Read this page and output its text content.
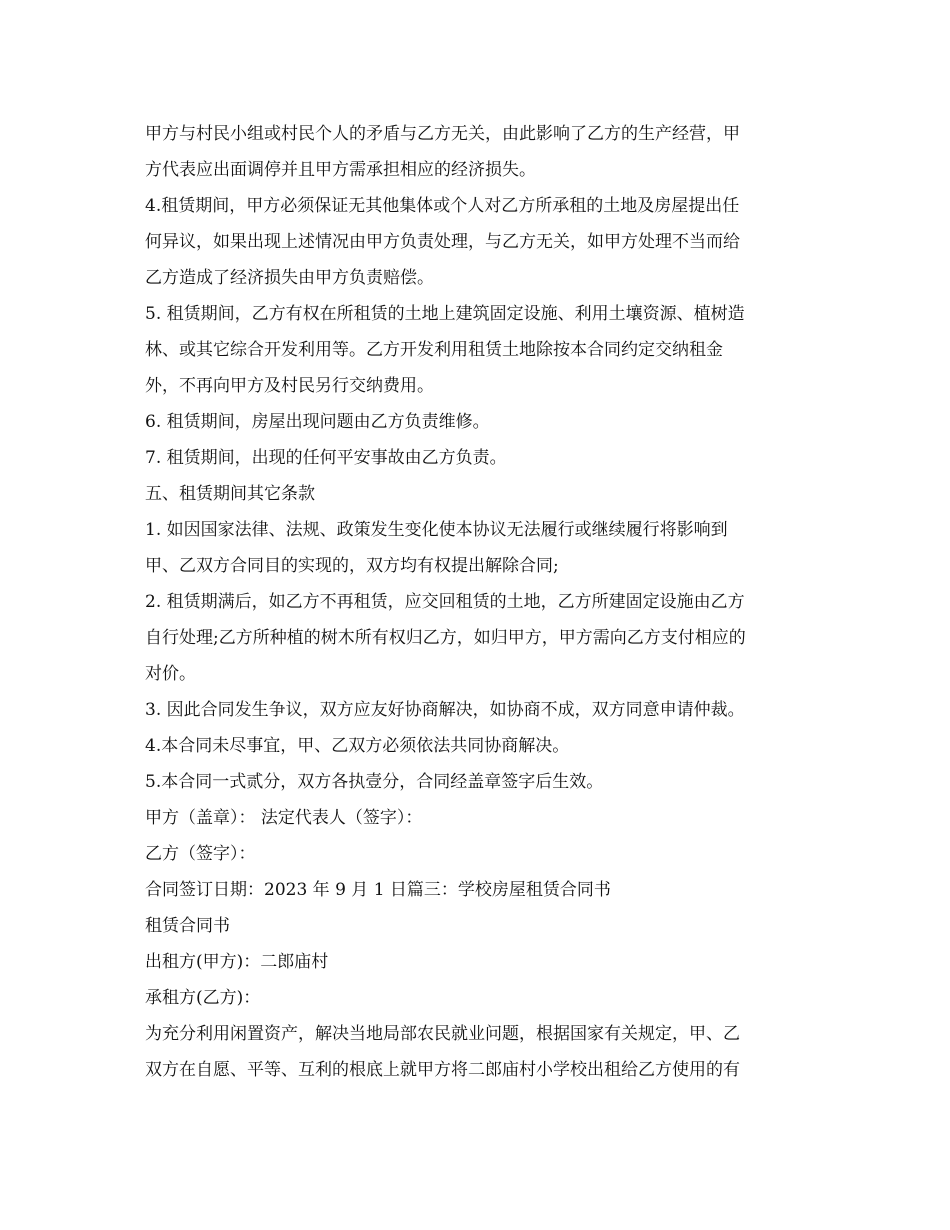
甲方与村民小组或村民个人的矛盾与乙方无关，由此影响了乙方的生产经营，甲
方代表应出面调停并且甲方需承担相应的经济损失。
4.租赁期间，甲方必须保证无其他集体或个人对乙方所承租的土地及房屋提出任
何异议，如果出现上述情况由甲方负责处理，与乙方无关，如甲方处理不当而给
乙方造成了经济损失由甲方负责赔偿。
5. 租赁期间，乙方有权在所租赁的土地上建筑固定设施、利用土壤资源、植树造
林、或其它综合开发利用等。乙方开发利用租赁土地除按本合同约定交纳租金
外，不再向甲方及村民另行交纳费用。
6. 租赁期间，房屋出现问题由乙方负责维修。
7. 租赁期间，出现的任何平安事故由乙方负责。
五、租赁期间其它条款
1. 如因国家法律、法规、政策发生变化使本协议无法履行或继续履行将影响到
甲、乙双方合同目的实现的，双方均有权提出解除合同;
2. 租赁期满后，如乙方不再租赁，应交回租赁的土地，乙方所建固定设施由乙方
自行处理;乙方所种植的树木所有权归乙方，如归甲方，甲方需向乙方支付相应的
对价。
3. 因此合同发生争议，双方应友好协商解决，如协商不成，双方同意申请仲裁。
4.本合同未尽事宜，甲、乙双方必须依法共同协商解决。
5.本合同一式贰分，双方各执壹分，合同经盖章签字后生效。
甲方（盖章）： 法定代表人（签字）：
乙方（签字）：
合同签订日期：2023 年 9 月 1 日篇三：学校房屋租赁合同书
租赁合同书
出租方(甲方)：二郎庙村
承租方(乙方)：
为充分利用闲置资产，解决当地局部农民就业问题，根据国家有关规定，甲、乙
双方在自愿、平等、互利的根底上就甲方将二郎庙村小学校出租给乙方使用的有
